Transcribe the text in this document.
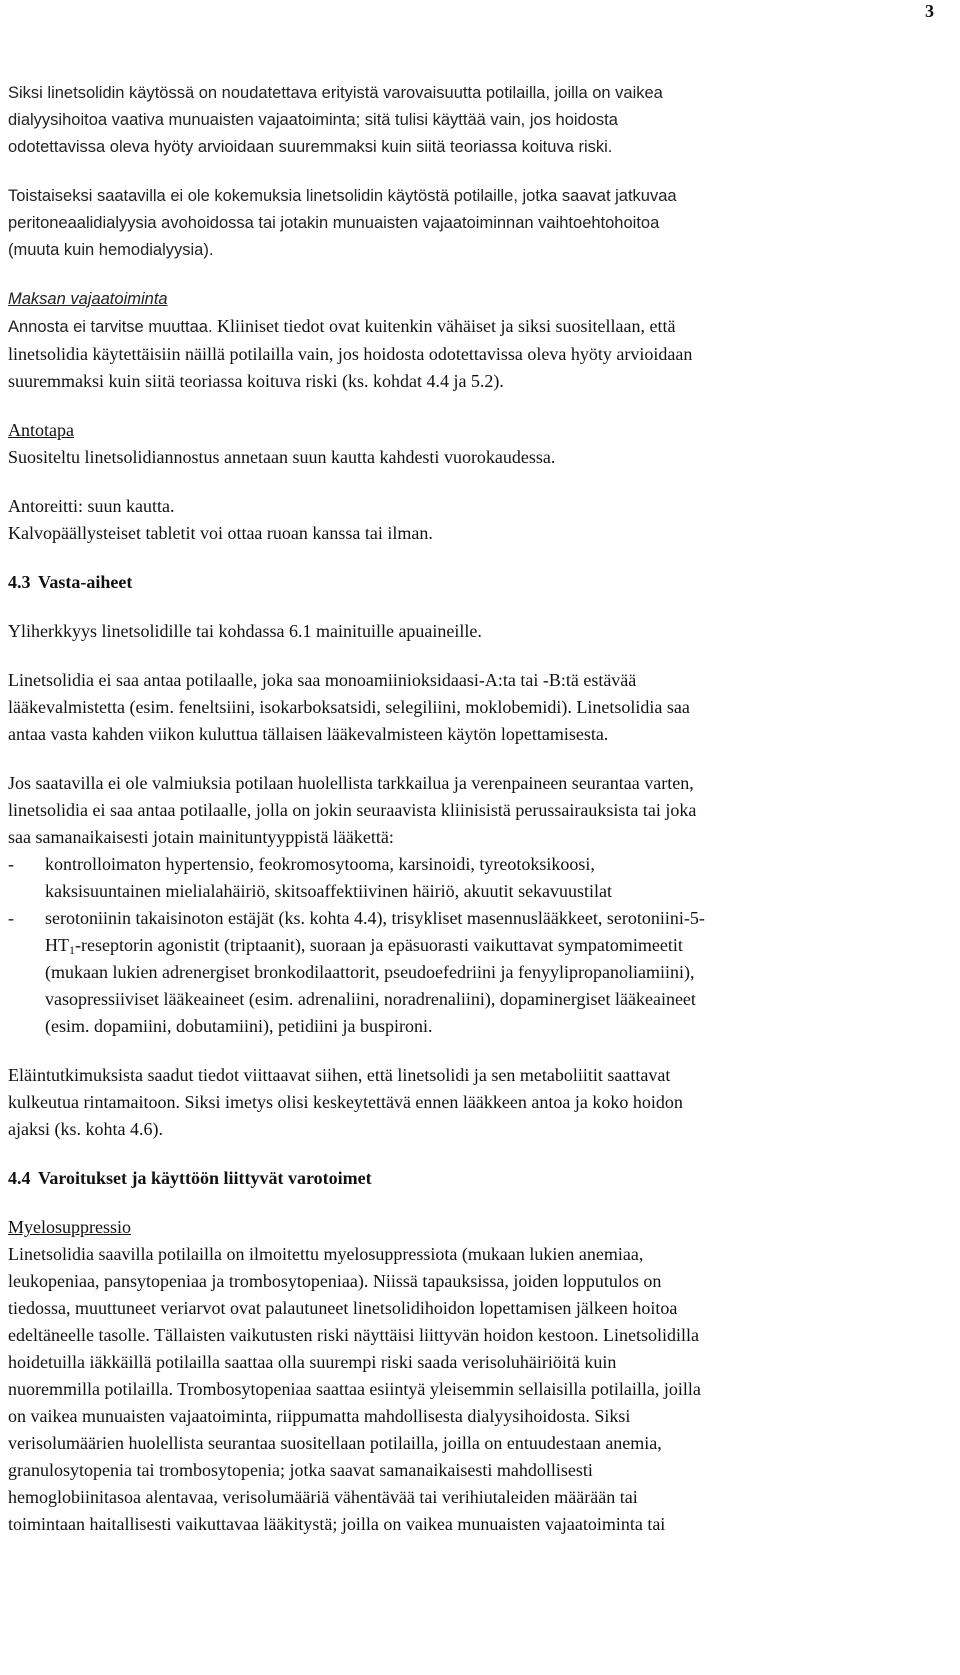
3
Siksi linetsolidin käytössä on noudatettava erityistä varovaisuutta potilailla, joilla on vaikea
dialyysihoitoa vaativa munuaisten vajaatoiminta; sitä tulisi käyttää vain, jos hoidosta
odotettavissa oleva hyöty arvioidaan suuremmaksi kuin siitä teoriassa koituva riski.
Toistaiseksi saatavilla ei ole kokemuksia linetsolidin käytöstä potilaille, jotka saavat jatkuvaa
peritoneaalidialyysia avohoidossa tai jotakin munuaisten vajaatoiminnan vaihtoehtohoitoa
(muuta kuin hemodialyysia).
Maksan vajaatoiminta
Annosta ei tarvitse muuttaa. Kliiniset tiedot ovat kuitenkin vähäiset ja siksi suositellaan, että
linetsolidia käytettäisiin näillä potilailla vain, jos hoidosta odotettavissa oleva hyöty arvioidaan
suuremmaksi kuin siitä teoriassa koituva riski (ks. kohdat 4.4 ja 5.2).
Antotapa
Suositeltu linetsolidiannostus annetaan suun kautta kahdesti vuorokaudessa.
Antoreitti: suun kautta.
Kalvopäällysteiset tabletit voi ottaa ruoan kanssa tai ilman.
4.3 Vasta-aiheet
Yliherkkyys linetsolidille tai kohdassa 6.1 mainituille apuaineille.
Linetsolidia ei saa antaa potilaalle, joka saa monoamiinioksidaasi-A:ta tai -B:tä estävää
lääkevalmistetta (esim. feneltsiini, isokarboksatsidi, selegiliini, moklobemidi). Linetsolidia saa
antaa vasta kahden viikon kuluttua tällaisen lääkevalmisteen käytön lopettamisesta.
Jos saatavilla ei ole valmiuksia potilaan huolellista tarkkailua ja verenpaineen seurantaa varten,
linetsolidia ei saa antaa potilaalle, jolla on jokin seuraavista kliinisistä perussairauksista tai joka
saa samanaikaisesti jotain mainituntyyppistä lääkettä:
- kontrolloimaton hypertensio, feokromosytooma, karsinoidi, tyreotoksikoosi,
kaksisuuntainen mielialahäiriö, skitsoaffektiivinen häiriö, akuutit sekavuustilat
- serotoniinin takaisinoton estäjät (ks. kohta 4.4), trisykliset masennuslääkkeet, serotoniini-5-
$HT_1$-reseptorin agonistit (triptaanit), suoraan ja epäsuorasti vaikuttavat sympatomimeetit
(mukaan lukien adrenergiset bronkodilaattorit, pseudoefedriini ja fenyylipropanoliamiini),
vasopressiiviset lääkeaineet (esim. adrenaliini, noradrenaliini), dopaminergiset lääkeaineet
(esim. dopamiini, dobutamiini), petidiini ja buspironi.
Eläintutkimuksista saadut tiedot viittaavat siihen, että linetsolidi ja sen metaboliitit saattavat
kulkeutua rintamaitoon. Siksi imetys olisi keskeytettävä ennen lääkkeen antoa ja koko hoidon
ajaksi (ks. kohta 4.6).
4.4 Varoitukset ja käyttöön liittyvät varotoimet
Myelosuppressio
Linetsolidia saavilla potilailla on ilmoitettu myelosuppressiota (mukaan lukien anemiaa,
leukopeniaa, pansytopeniaa ja trombosytopeniaa). Niissä tapauksissa, joiden lopputulos on
tiedossa, muuttuneet veriarvot ovat palautuneet linetsolidihoidon lopettamisen jälkeen hoitoa
edeltäneelle tasolle. Tällaisten vaikutusten riski näyttäisi liittyvän hoidon kestoon. Linetsolidilla
hoidetuilla iäkkäillä potilailla saattaa olla suurempi riski saada verisoluhäiriöitä kuin
nuoremmilla potilailla. Trombosytopeniaa saattaa esiintyä yleisemmin sellaisilla potilailla, joilla
on vaikea munuaisten vajaatoiminta, riippumatta mahdollisesta dialyysihoidosta. Siksi
verisolumäärien huolellista seurantaa suositellaan potilailla, joilla on entuudestaan anemia,
granulosytopenia tai trombosytopenia; jotka saavat samanaikaisesti mahdollisesti
hemoglobiinitasoa alentavaa, verisolumääriä vähentävää tai verihiutaleiden määrään tai
toimintaan haitallisesti vaikuttavaa lääkitystä; joilla on vaikea munuaisten vajaatoiminta tai
